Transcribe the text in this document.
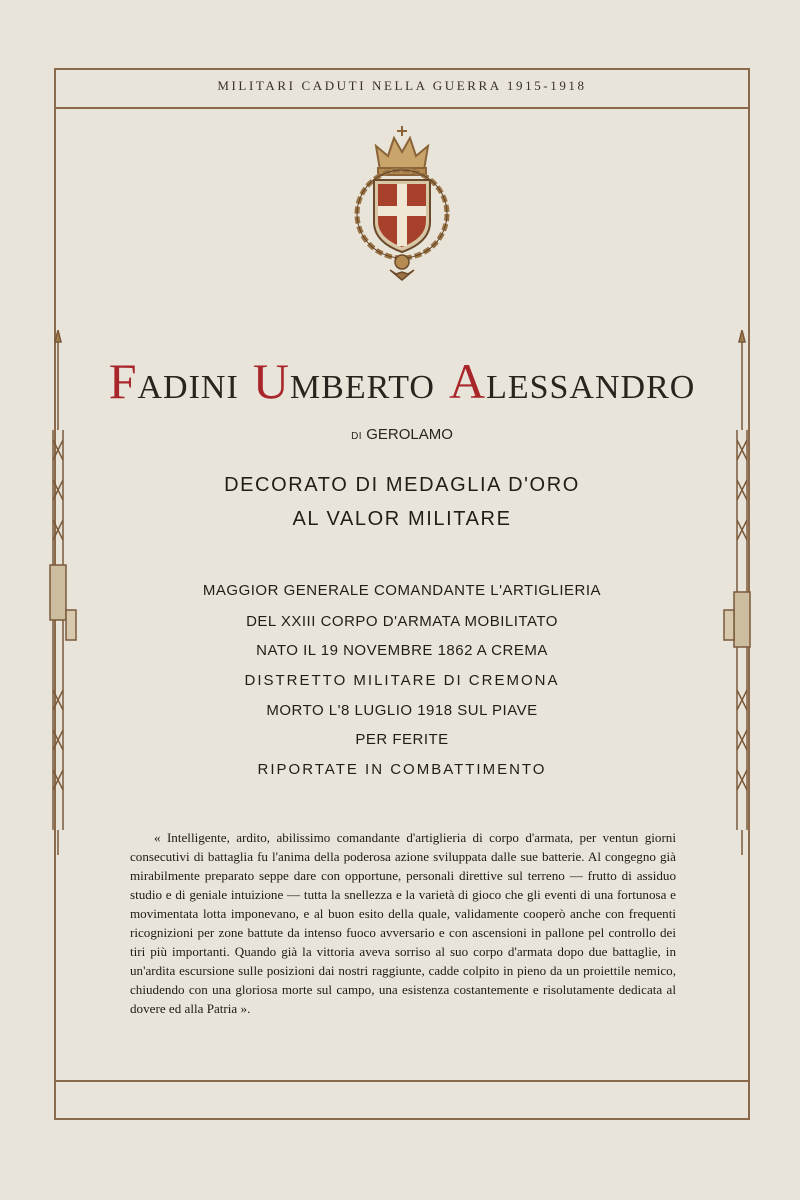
MILITARI CADUTI NELLA GUERRA 1915-1918
FADINI UMBERTO ALESSANDRO
DI GEROLAMO
DECORATO DI MEDAGLIA D'ORO
AL VALOR MILITARE
MAGGIOR GENERALE COMANDANTE L'ARTIGLIERIA
DEL XXIII CORPO D'ARMATA MOBILITATO
NATO IL 19 NOVEMBRE 1862 A CREMA
DISTRETTO MILITARE DI CREMONA
MORTO L'8 LUGLIO 1918 SUL PIAVE
PER FERITE
RIPORTATE IN COMBATTIMENTO
« Intelligente, ardito, abilissimo comandante d'artiglieria di corpo d'armata, per ventun giorni consecutivi di battaglia fu l'anima della poderosa azione sviluppata dalle sue batterie. Al congegno già mirabilmente preparato seppe dare con opportune, personali direttive sul terreno — frutto di assiduo studio e di geniale intuizione — tutta la snellezza e la varietà di gioco che gli eventi di una fortunosa e movimentata lotta imponevano, e al buon esito della quale, validamente cooperò anche con frequenti ricognizioni per zone battute da intenso fuoco avversario e con ascensioni in pallone pel controllo dei tiri più importanti. Quando già la vittoria aveva sorriso al suo corpo d'armata dopo due battaglie, in un'ardita escursione sulle posizioni dai nostri raggiunte, cadde colpito in pieno da un proiettile nemico, chiudendo con una gloriosa morte sul campo, una esistenza costantemente e risolutamente dedicata al dovere ed alla Patria ».
